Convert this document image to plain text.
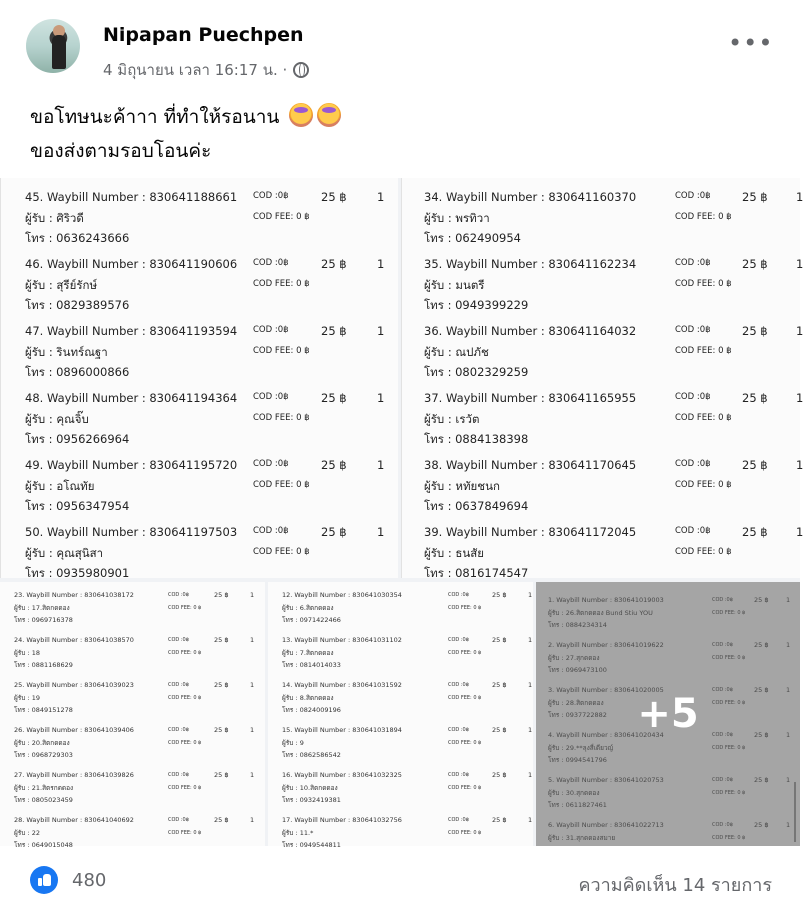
Nipapan Puechpen
4 มิถุนายน เวลา 16:17 น. ·
•••
ขอโทษนะค้าาา ที่ทำให้รอนาน
ของส่งตามรอบโอนค่ะ
45. Waybill Number : 830641188661
ผู้รับ : ศิริวดี
โทร : 0636243666
COD :0฿
COD FEE: 0 ฿
25 ฿	1
46. Waybill Number : 830641190606
ผู้รับ : สุรีย์รักษ์
โทร : 0829389576
COD :0฿
COD FEE: 0 ฿
25 ฿	1
47. Waybill Number : 830641193594
ผู้รับ : รินทร์ณฐา
โทร : 0896000866
COD :0฿
COD FEE: 0 ฿
25 ฿	1
48. Waybill Number : 830641194364
ผู้รับ : คุณจิ๊บ
โทร : 0956266964
COD :0฿
COD FEE: 0 ฿
25 ฿	1
49. Waybill Number : 830641195720
ผู้รับ : อโณทัย
โทร : 0956347954
COD :0฿
COD FEE: 0 ฿
25 ฿	1
50. Waybill Number : 830641197503
ผู้รับ : คุณสุนิสา
โทร : 0935980901
COD :0฿
COD FEE: 0 ฿
25 ฿	1
34. Waybill Number : 830641160370
ผู้รับ : พรทิวา
โทร : 062490954
COD :0฿
COD FEE: 0 ฿
25 ฿ 1
35. Waybill Number : 830641162234
ผู้รับ : มนตรี
โทร : 0949399229
COD :0฿
COD FEE: 0 ฿
25 ฿ 1
36. Waybill Number : 830641164032
ผู้รับ : ณปภัช
โทร : 0802329259
COD :0฿
COD FEE: 0 ฿
25 ฿ 1
37. Waybill Number : 830641165955
ผู้รับ : เรวัต
โทร : 0884138398
COD :0฿
COD FEE: 0 ฿
25 ฿ 1
38. Waybill Number : 830641170645
ผู้รับ : หทัยชนก
โทร : 0637849694
COD :0฿
COD FEE: 0 ฿
25 ฿ 1
39. Waybill Number : 830641172045
ผู้รับ : ธนสัย
โทร : 0816174547
COD :0฿
COD FEE: 0 ฿
25 ฿ 1
23. Waybill Number : 830641038172
ผู้รับ : 17.สิตกดดอง
โทร : 0969716378
COD :0฿
COD FEE: 0 ฿
25 ฿	1
24. Waybill Number : 830641038570
ผู้รับ : 18
โทร : 0881168629
COD :0฿
COD FEE: 0 ฿
25 ฿	1
25. Waybill Number : 830641039023
ผู้รับ : 19
โทร : 0849151278
COD :0฿
COD FEE: 0 ฿
25 ฿	1
26. Waybill Number : 830641039406
ผู้รับ : 20.สิตกดดอง
โทร : 0968729303
COD :0฿
COD FEE: 0 ฿
25 ฿	1
27. Waybill Number : 830641039826
ผู้รับ : 21.สิตรกดดอง
โทร : 0805023459
COD :0฿
COD FEE: 0 ฿
25 ฿	1
28. Waybill Number : 830641040692
ผู้รับ : 22
โทร : 0649015048
COD :0฿
COD FEE: 0 ฿
25 ฿	1
12. Waybill Number : 830641030354
ผู้รับ : 6.สิตกดดอง
โทร : 0971422466
COD :0฿
COD FEE: 0 ฿
25 ฿	1
13. Waybill Number : 830641031102
ผู้รับ : 7.สิตกดดอง
โทร : 0814014033
COD :0฿
COD FEE: 0 ฿
25 ฿	1
14. Waybill Number : 830641031592
ผู้รับ : 8.สิตกดดอง
โทร : 0824009196
COD :0฿
COD FEE: 0 ฿
25 ฿	1
15. Waybill Number : 830641031894
ผู้รับ : 9
โทร : 0862586542
COD :0฿
COD FEE: 0 ฿
25 ฿	1
16. Waybill Number : 830641032325
ผู้รับ : 10.สิตกดดอง
โทร : 0932419381
COD :0฿
COD FEE: 0 ฿
25 ฿	1
17. Waybill Number : 830641032756
ผู้รับ : 11.*
โทร : 0949544811
COD :0฿
COD FEE: 0 ฿
25 ฿	1
1. Waybill Number : 830641019003
ผู้รับ : 26.สิตกดดอง Bund Stiu YOU
โทร : 0884234314
COD :0฿
COD FEE: 0 ฿
25 ฿	1
2. Waybill Number : 830641019622
ผู้รับ : 27.สุกดดอง
โทร : 0969473100
COD :0฿
COD FEE: 0 ฿
25 ฿	1
3. Waybill Number : 830641020005
ผู้รับ : 28.สิตกดดอง
โทร : 0937722882
COD :0฿
COD FEE: 0 ฿
25 ฿	1
4. Waybill Number : 830641020434
ผู้รับ : 29.**ลุงสี่เดียวญ์
โทร : 0994541796
COD :0฿
COD FEE: 0 ฿
25 ฿	1
5. Waybill Number : 830641020753
ผู้รับ : 30.สุกดดอง
โทร : 0611827461
COD :0฿
COD FEE: 0 ฿
25 ฿	1
6. Waybill Number : 830641022713
ผู้รับ : 31.สุกดดองสมาย
COD :0฿
COD FEE: 0 ฿
25 ฿	1
+5
480	ความคิดเห็น 14 รายการ
